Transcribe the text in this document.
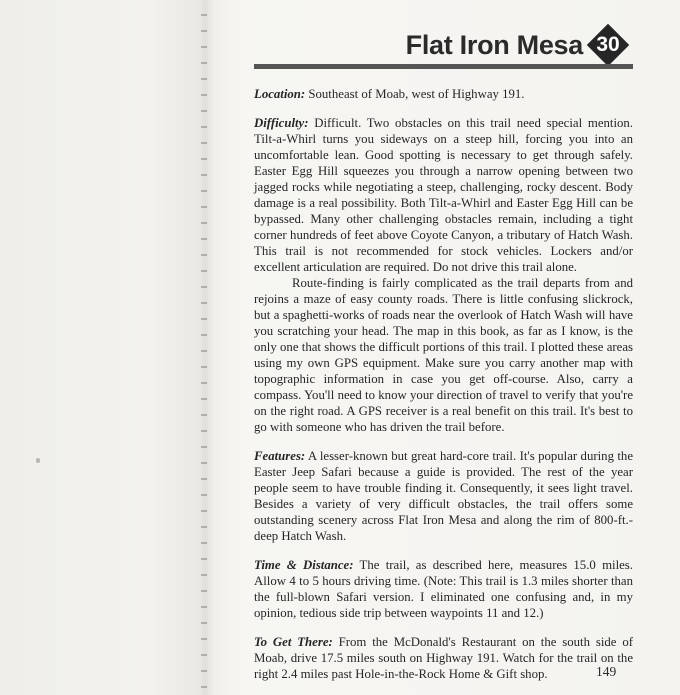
Flat Iron Mesa 30

Location: Southeast of Moab, west of Highway 191.

Difficulty: Difficult. Two obstacles on this trail need special mention. Tilt-a-Whirl turns you sideways on a steep hill, forcing you into an uncomfortable lean. Good spotting is necessary to get through safely. Easter Egg Hill squeezes you through a narrow opening between two jagged rocks while negotiating a steep, challenging, rocky descent. Body damage is a real possibility. Both Tilt-a-Whirl and Easter Egg Hill can be bypassed. Many other challenging obstacles remain, including a tight corner hundreds of feet above Coyote Canyon, a tributary of Hatch Wash. This trail is not recommended for stock vehicles. Lockers and/or excellent articulation are required. Do not drive this trail alone.

Route-finding is fairly complicated as the trail departs from and rejoins a maze of easy county roads. There is little confusing slickrock, but a spaghetti-works of roads near the overlook of Hatch Wash will have you scratching your head. The map in this book, as far as I know, is the only one that shows the difficult portions of this trail. I plotted these areas using my own GPS equipment. Make sure you carry another map with topographic information in case you get off-course. Also, carry a compass. You'll need to know your direction of travel to verify that you're on the right road. A GPS receiver is a real benefit on this trail. It's best to go with someone who has driven the trail before.

Features: A lesser-known but great hard-core trail. It's popular during the Easter Jeep Safari because a guide is provided. The rest of the year people seem to have trouble finding it. Consequently, it sees light travel. Besides a variety of very difficult obstacles, the trail offers some outstanding scenery across Flat Iron Mesa and along the rim of 800-ft.-deep Hatch Wash.

Time & Distance: The trail, as described here, measures 15.0 miles. Allow 4 to 5 hours driving time. (Note: This trail is 1.3 miles shorter than the full-blown Safari version. I eliminated one confusing and, in my opinion, tedious side trip between waypoints 11 and 12.)

To Get There: From the McDonald's Restaurant on the south side of Moab, drive 17.5 miles south on Highway 191. Watch for the trail on the right 2.4 miles past Hole-in-the-Rock Home & Gift shop.	149
